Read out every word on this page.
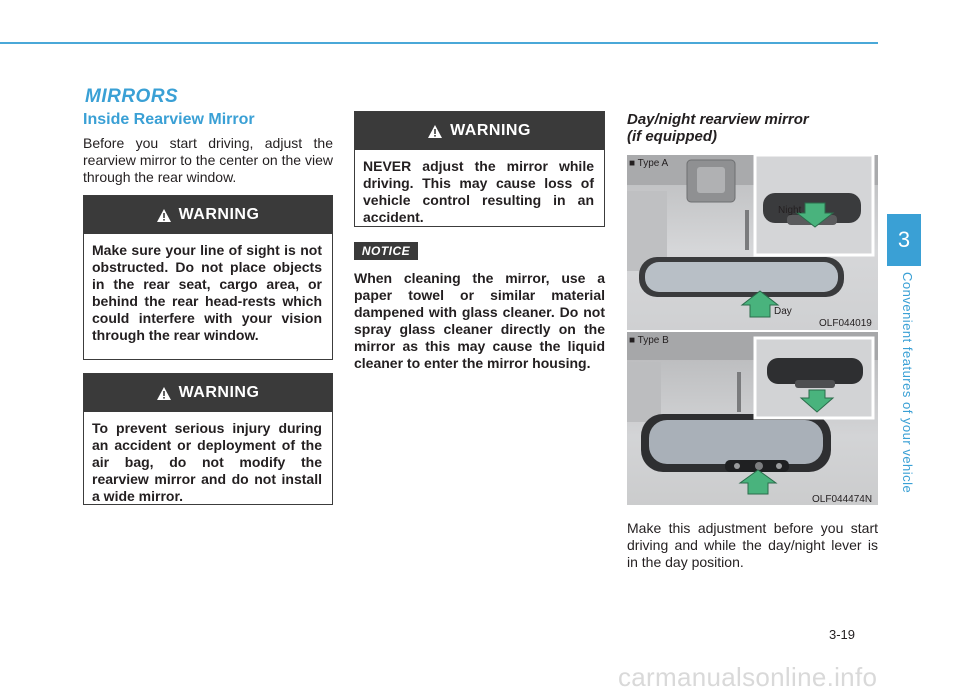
MIRRORS
Inside Rearview Mirror
Before you start driving, adjust the rearview mirror to the center on the view through the rear window.
WARNING
Make sure your line of sight is not obstructed. Do not place objects in the rear seat, cargo area, or behind the rear head-rests which could interfere with your vision through the rear window.
WARNING
To prevent serious injury during an accident or deployment of the air bag, do not modify the rearview mirror and do not install a wide mirror.
WARNING
NEVER adjust the mirror while driving. This may cause loss of vehicle control resulting in an accident.
NOTICE
When cleaning the mirror, use a paper towel or similar material dampened with glass cleaner. Do not spray glass cleaner directly on the mirror as this may cause the liquid cleaner to enter the mirror housing.
Day/night rearview mirror
(if equipped)
■ Type A
Night
Day
OLF044019
■ Type B
OLF044474N
Make this adjustment before you start driving and while the day/night lever is in the day position.
3
Convenient features of your vehicle
3-19
carmanualsonline.info
